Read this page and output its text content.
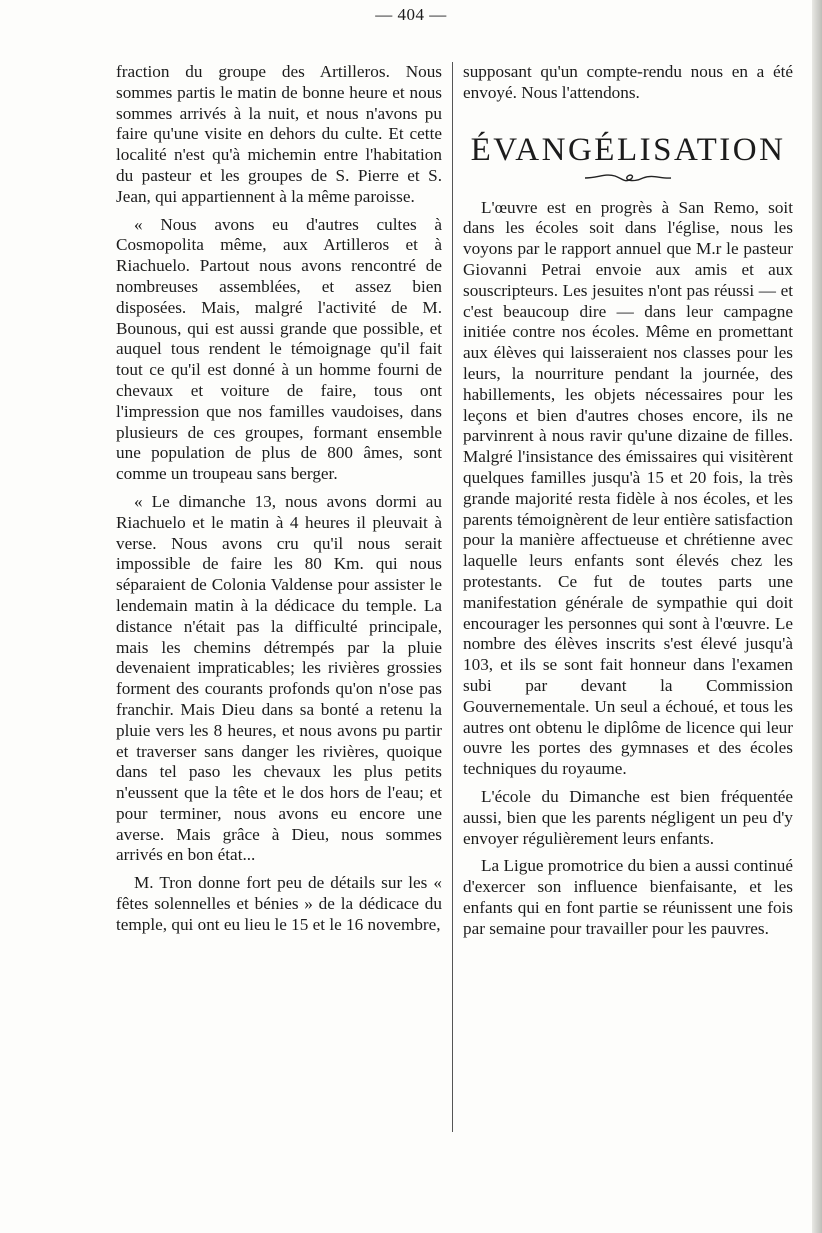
— 404 —

fraction du groupe des Artilleros. Nous sommes partis le matin de bonne heure et nous sommes arrivés à la nuit, et nous n'avons pu faire qu'une visite en dehors du culte. Et cette localité n'est qu'à michemin entre l'habitation du pasteur et les groupes de S. Pierre et S. Jean, qui appartiennent à la même paroisse.

« Nous avons eu d'autres cultes à Cosmopolita même, aux Artilleros et à Riachuelo. Partout nous avons rencontré de nombreuses assemblées, et assez bien disposées. Mais, malgré l'activité de M. Bounous, qui est aussi grande que possible, et auquel tous rendent le témoignage qu'il fait tout ce qu'il est donné à un homme fourni de chevaux et voiture de faire, tous ont l'impression que nos familles vaudoises, dans plusieurs de ces groupes, formant ensemble une population de plus de 800 âmes, sont comme un troupeau sans berger.

« Le dimanche 13, nous avons dormi au Riachuelo et le matin à 4 heures il pleuvait à verse. Nous avons cru qu'il nous serait impossible de faire les 80 Km. qui nous séparaient de Colonia Valdense pour assister le lendemain matin à la dédicace du temple. La distance n'était pas la difficulté principale, mais les chemins détrempés par la pluie devenaient impraticables; les rivières grossies forment des courants profonds qu'on n'ose pas franchir. Mais Dieu dans sa bonté a retenu la pluie vers les 8 heures, et nous avons pu partir et traverser sans danger les rivières, quoique dans tel paso les chevaux les plus petits n'eussent que la tête et le dos hors de l'eau; et pour terminer, nous avons eu encore une averse. Mais grâce à Dieu, nous sommes arrivés en bon état...

M. Tron donne fort peu de détails sur les « fêtes solennelles et bénies » de la dédicace du temple, qui ont eu lieu le 15 et le 16 novembre,

supposant qu'un compte-rendu nous en a été envoyé. Nous l'attendons.

ÉVANGÉLISATION

L'œuvre est en progrès à San Remo, soit dans les écoles soit dans l'église, nous les voyons par le rapport annuel que M.r le pasteur Giovanni Petrai envoie aux amis et aux souscripteurs. Les jesuites n'ont pas réussi — et c'est beaucoup dire — dans leur campagne initiée contre nos écoles. Même en promettant aux élèves qui laisseraient nos classes pour les leurs, la nourriture pendant la journée, des habillements, les objets nécessaires pour les leçons et bien d'autres choses encore, ils ne parvinrent à nous ravir qu'une dizaine de filles. Malgré l'insistance des émissaires qui visitèrent quelques familles jusqu'à 15 et 20 fois, la très grande majorité resta fidèle à nos écoles, et les parents témoignèrent de leur entière satisfaction pour la manière affectueuse et chrétienne avec laquelle leurs enfants sont élevés chez les protestants. Ce fut de toutes parts une manifestation générale de sympathie qui doit encourager les personnes qui sont à l'œuvre. Le nombre des élèves inscrits s'est élevé jusqu'à 103, et ils se sont fait honneur dans l'examen subi par devant la Commission Gouvernementale. Un seul a échoué, et tous les autres ont obtenu le diplôme de licence qui leur ouvre les portes des gymnases et des écoles techniques du royaume.

L'école du Dimanche est bien fréquentée aussi, bien que les parents négligent un peu d'y envoyer régulièrement leurs enfants.

La Ligue promotrice du bien a aussi continué d'exercer son influence bienfaisante, et les enfants qui en font partie se réunissent une fois par semaine pour travailler pour les pauvres.
